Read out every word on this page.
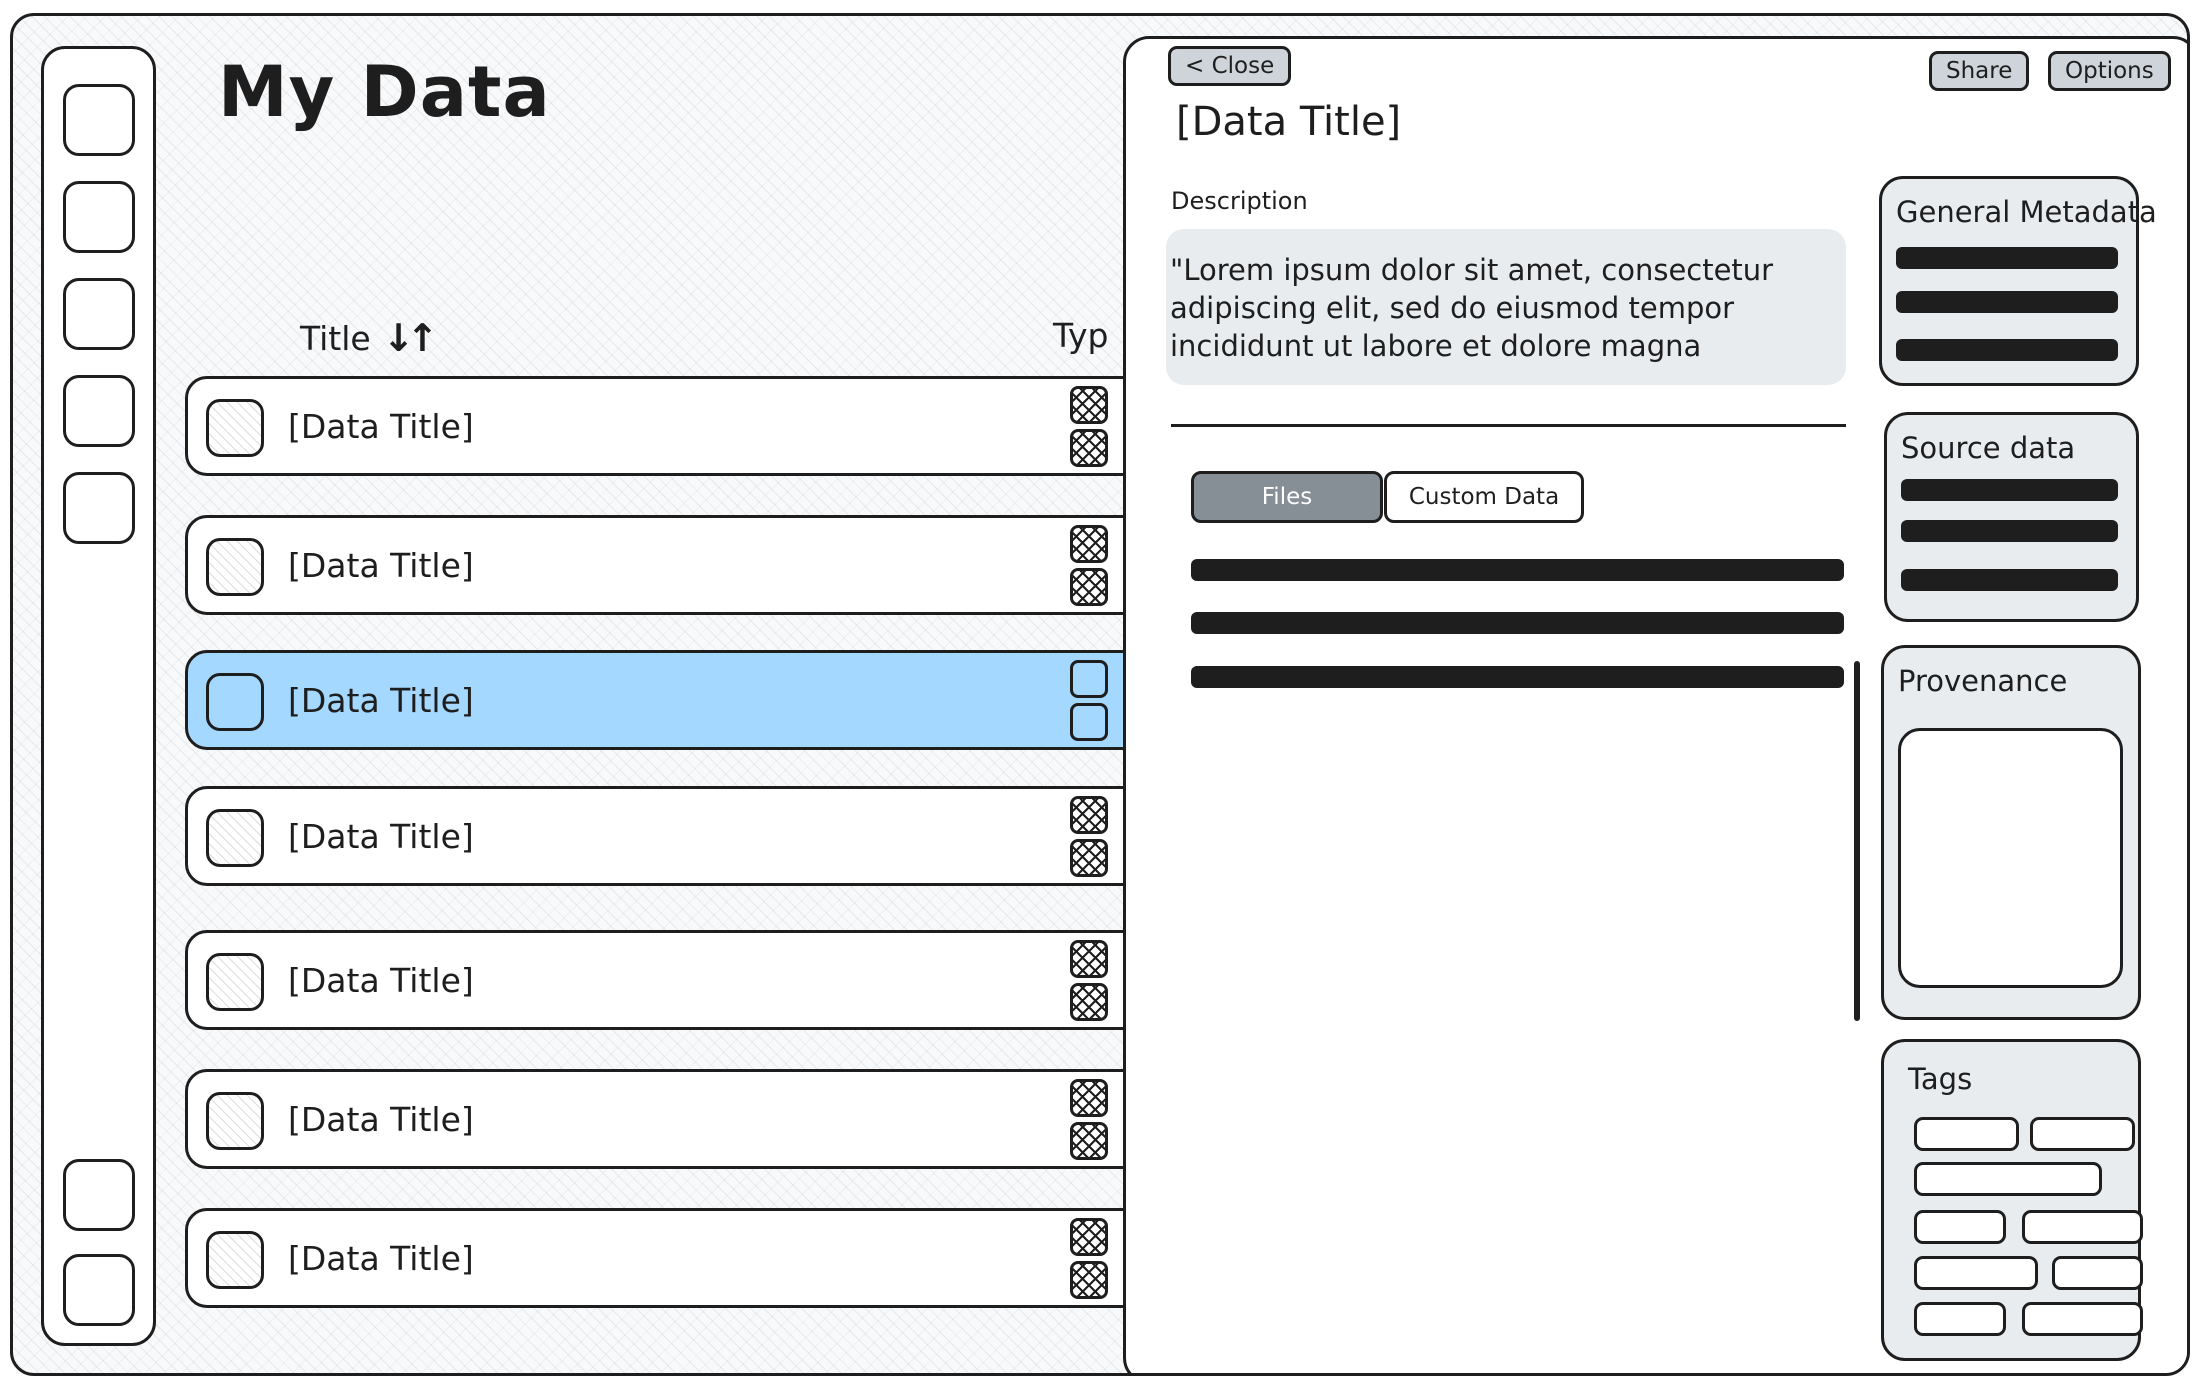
My Data
Title ↓↑	Typ
[Data Title]
[Data Title]
[Data Title]
[Data Title]
[Data Title]
[Data Title]
[Data Title]
< Close	Share	Options
[Data Title]
Description
"Lorem ipsum dolor sit amet, consectetur adipiscing elit, sed do eiusmod tempor incididunt ut labore et dolore magna
Files	Custom Data
General Metadata
Source data
Provenance
Tags
